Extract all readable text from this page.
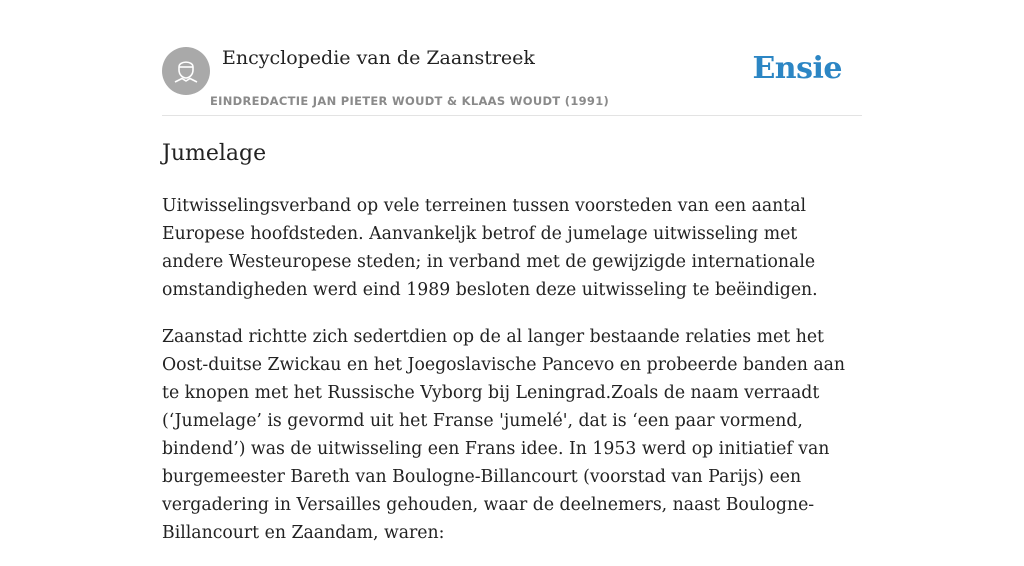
Encyclopedie van de Zaanstreek
EINDREDACTIE JAN PIETER WOUDT & KLAAS WOUDT (1991)
Ensie
Jumelage

Uitwisselingsverband op vele terreinen tussen voorsteden van een aantal Europese hoofdsteden. Aanvankeljk betrof de jumelage uitwisseling met andere Westeuropese steden; in verband met de gewijzigde internationale omstandigheden werd eind 1989 besloten deze uitwisseling te beëindigen.

Zaanstad richtte zich sedertdien op de al langer bestaande relaties met het Oost-duitse Zwickau en het Joegoslavische Pancevo en probeerde banden aan te knopen met het Russische Vyborg bij Leningrad.Zoals de naam verraadt (‘Jumelage’ is gevormd uit het Franse 'jumelé', dat is ‘een paar vormend, bindend’) was de uitwisseling een Frans idee. In 1953 werd op initiatief van burgemeester Bareth van Boulogne-Billancourt (voorstad van Parijs) een vergadering in Versailles gehouden, waar de deelnemers, naast Boulogne-Billancourt en Zaandam, waren:
